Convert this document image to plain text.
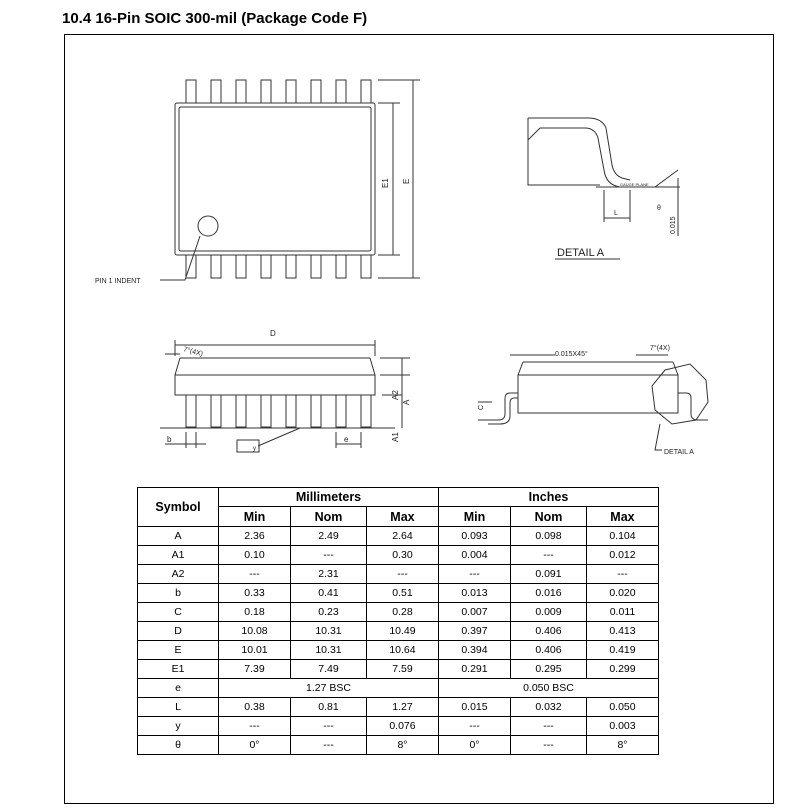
10.4 16-Pin SOIC 300-mil (Package Code F)
PIN 1 INDENT
E1 E
D
7°(4X)
A2
A
A1
b	e
y
0.015X45°
7°(4X)
C
DETAIL A
DETAIL A
GAUGE PLANE
L
θ
0.015
Symbol	Millimeters			Inches		
	Min	Nom	Max	Min	Nom	Max
A	2.36	2.49	2.64	0.093	0.098	0.104
A1	0.10	---	0.30	0.004	---	0.012
A2	---	2.31	---	---	0.091	---
b	0.33	0.41	0.51	0.013	0.016	0.020
C	0.18	0.23	0.28	0.007	0.009	0.011
D	10.08	10.31	10.49	0.397	0.406	0.413
E	10.01	10.31	10.64	0.394	0.406	0.419
E1	7.39	7.49	7.59	0.291	0.295	0.299
e	1.27 BSC			0.050 BSC		
L	0.38	0.81	1.27	0.015	0.032	0.050
y	---	---	0.076	---	---	0.003
θ	0°	---	8°	0°	---	8°
